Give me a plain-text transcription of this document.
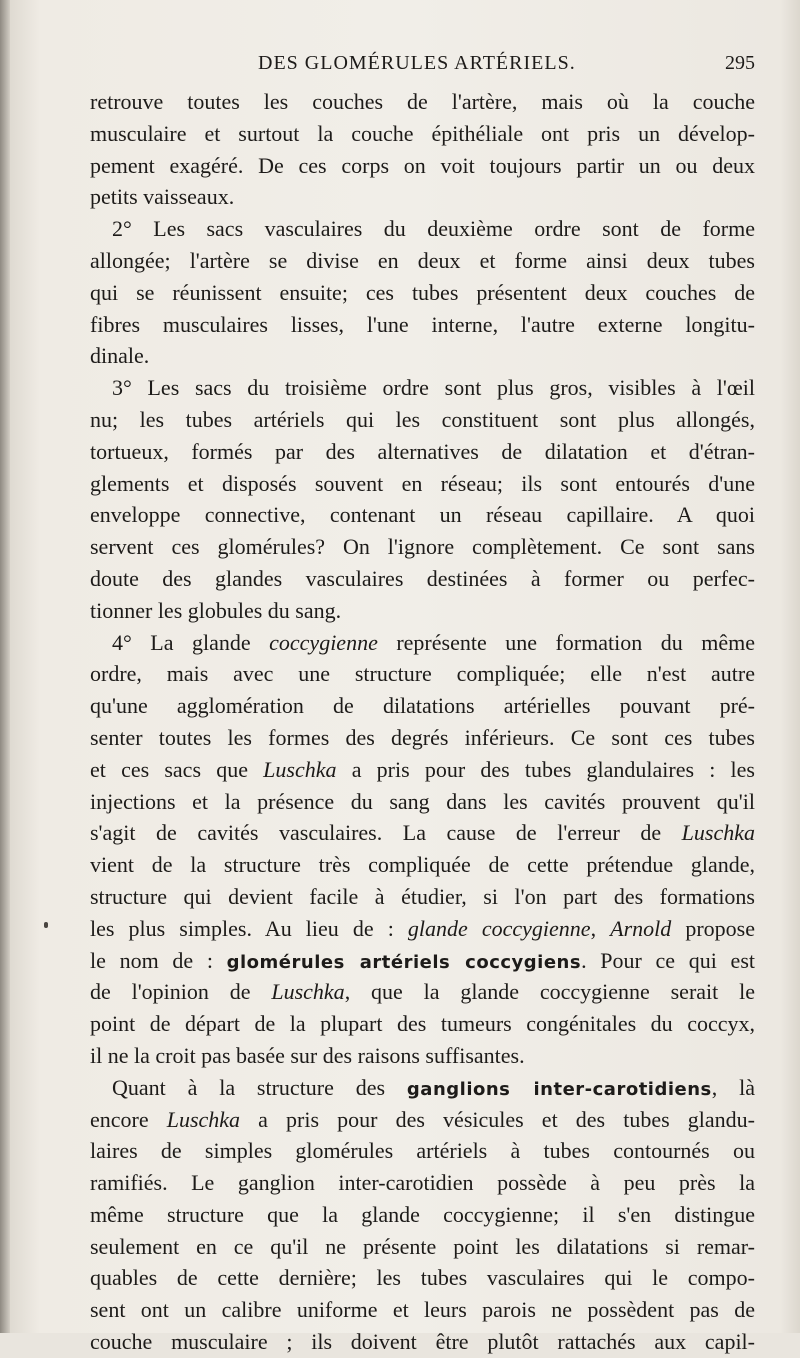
DES GLOMÉRULES ARTÉRIELS.	295
retrouve toutes les couches de l'artère, mais où la couche
musculaire et surtout la couche épithéliale ont pris un dévelop-
pement exagéré. De ces corps on voit toujours partir un ou deux
petits vaisseaux.
2° Les sacs vasculaires du deuxième ordre sont de forme
allongée; l'artère se divise en deux et forme ainsi deux tubes
qui se réunissent ensuite; ces tubes présentent deux couches de
fibres musculaires lisses, l'une interne, l'autre externe longitu-
dinale.
3° Les sacs du troisième ordre sont plus gros, visibles à l'œil
nu; les tubes artériels qui les constituent sont plus allongés,
tortueux, formés par des alternatives de dilatation et d'étran-
glements et disposés souvent en réseau; ils sont entourés d'une
enveloppe connective, contenant un réseau capillaire. A quoi
servent ces glomérules? On l'ignore complètement. Ce sont sans
doute des glandes vasculaires destinées à former ou perfec-
tionner les globules du sang.
4° La glande coccygienne représente une formation du même
ordre, mais avec une structure compliquée; elle n'est autre
qu'une agglomération de dilatations artérielles pouvant pré-
senter toutes les formes des degrés inférieurs. Ce sont ces tubes
et ces sacs que Luschka a pris pour des tubes glandulaires : les
injections et la présence du sang dans les cavités prouvent qu'il
s'agit de cavités vasculaires. La cause de l'erreur de Luschka
vient de la structure très compliquée de cette prétendue glande,
structure qui devient facile à étudier, si l'on part des formations
les plus simples. Au lieu de : glande coccygienne, Arnold propose
le nom de : glomérules artériels coccygiens. Pour ce qui est
de l'opinion de Luschka, que la glande coccygienne serait le
point de départ de la plupart des tumeurs congénitales du coccyx,
il ne la croit pas basée sur des raisons suffisantes.
Quant à la structure des ganglions inter-carotidiens, là
encore Luschka a pris pour des vésicules et des tubes glandu-
laires de simples glomérules artériels à tubes contournés ou
ramifiés. Le ganglion inter-carotidien possède à peu près la
même structure que la glande coccygienne; il s'en distingue
seulement en ce qu'il ne présente point les dilatations si remar-
quables de cette dernière; les tubes vasculaires qui le compo-
sent ont un calibre uniforme et leurs parois ne possèdent pas de
couche musculaire ; ils doivent être plutôt rattachés aux capil-
